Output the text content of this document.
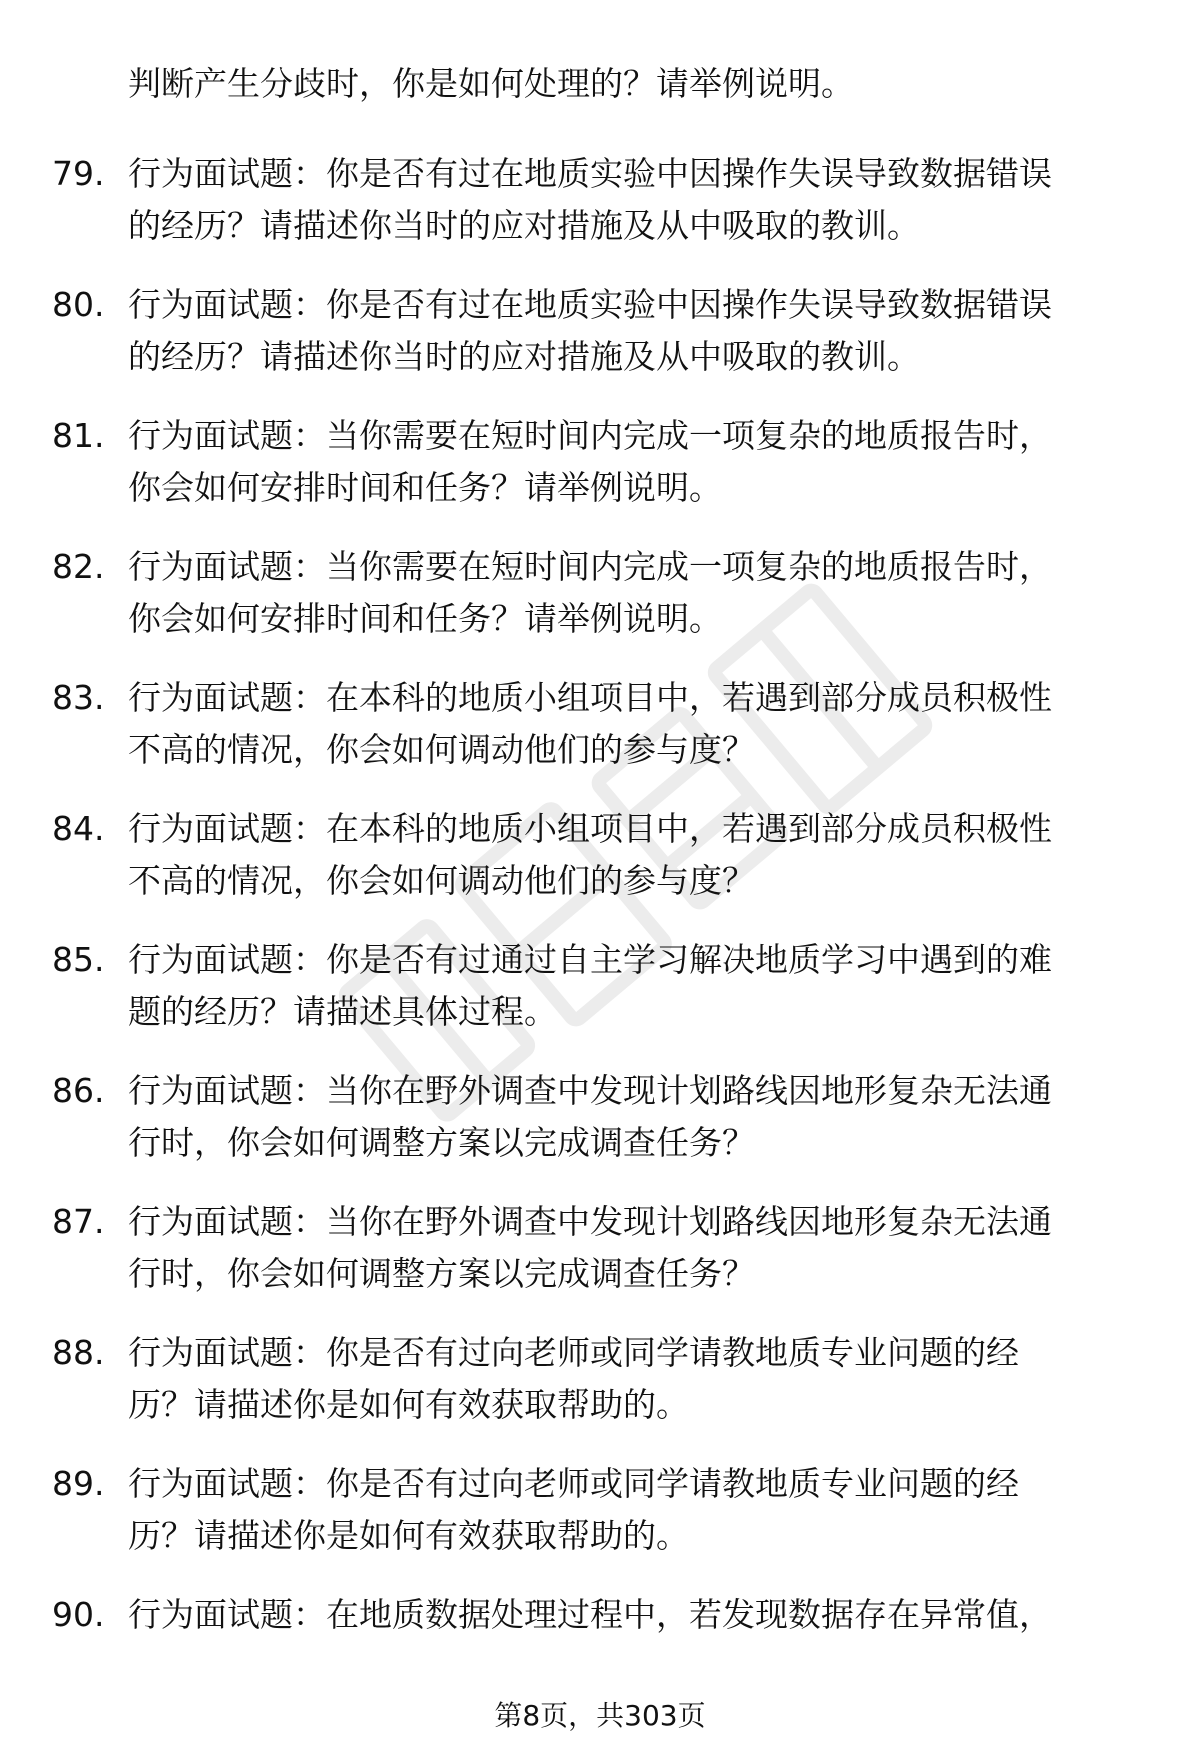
判断产生分歧时，你是如何处理的？请举例说明。
79. 行为面试题：你是否有过在地质实验中因操作失误导致数据错误
的经历？请描述你当时的应对措施及从中吸取的教训。
80. 行为面试题：你是否有过在地质实验中因操作失误导致数据错误
的经历？请描述你当时的应对措施及从中吸取的教训。
81. 行为面试题：当你需要在短时间内完成一项复杂的地质报告时，
你会如何安排时间和任务？请举例说明。
82. 行为面试题：当你需要在短时间内完成一项复杂的地质报告时，
你会如何安排时间和任务？请举例说明。
83. 行为面试题：在本科的地质小组项目中，若遇到部分成员积极性
不高的情况，你会如何调动他们的参与度？
84. 行为面试题：在本科的地质小组项目中，若遇到部分成员积极性
不高的情况，你会如何调动他们的参与度？
85. 行为面试题：你是否有过通过自主学习解决地质学习中遇到的难
题的经历？请描述具体过程。
86. 行为面试题：当你在野外调查中发现计划路线因地形复杂无法通
行时，你会如何调整方案以完成调查任务？
87. 行为面试题：当你在野外调查中发现计划路线因地形复杂无法通
行时，你会如何调整方案以完成调查任务？
88. 行为面试题：你是否有过向老师或同学请教地质专业问题的经
历？请描述你是如何有效获取帮助的。
89. 行为面试题：你是否有过向老师或同学请教地质专业问题的经
历？请描述你是如何有效获取帮助的。
90. 行为面试题：在地质数据处理过程中，若发现数据存在异常值，
第8页，共303页
